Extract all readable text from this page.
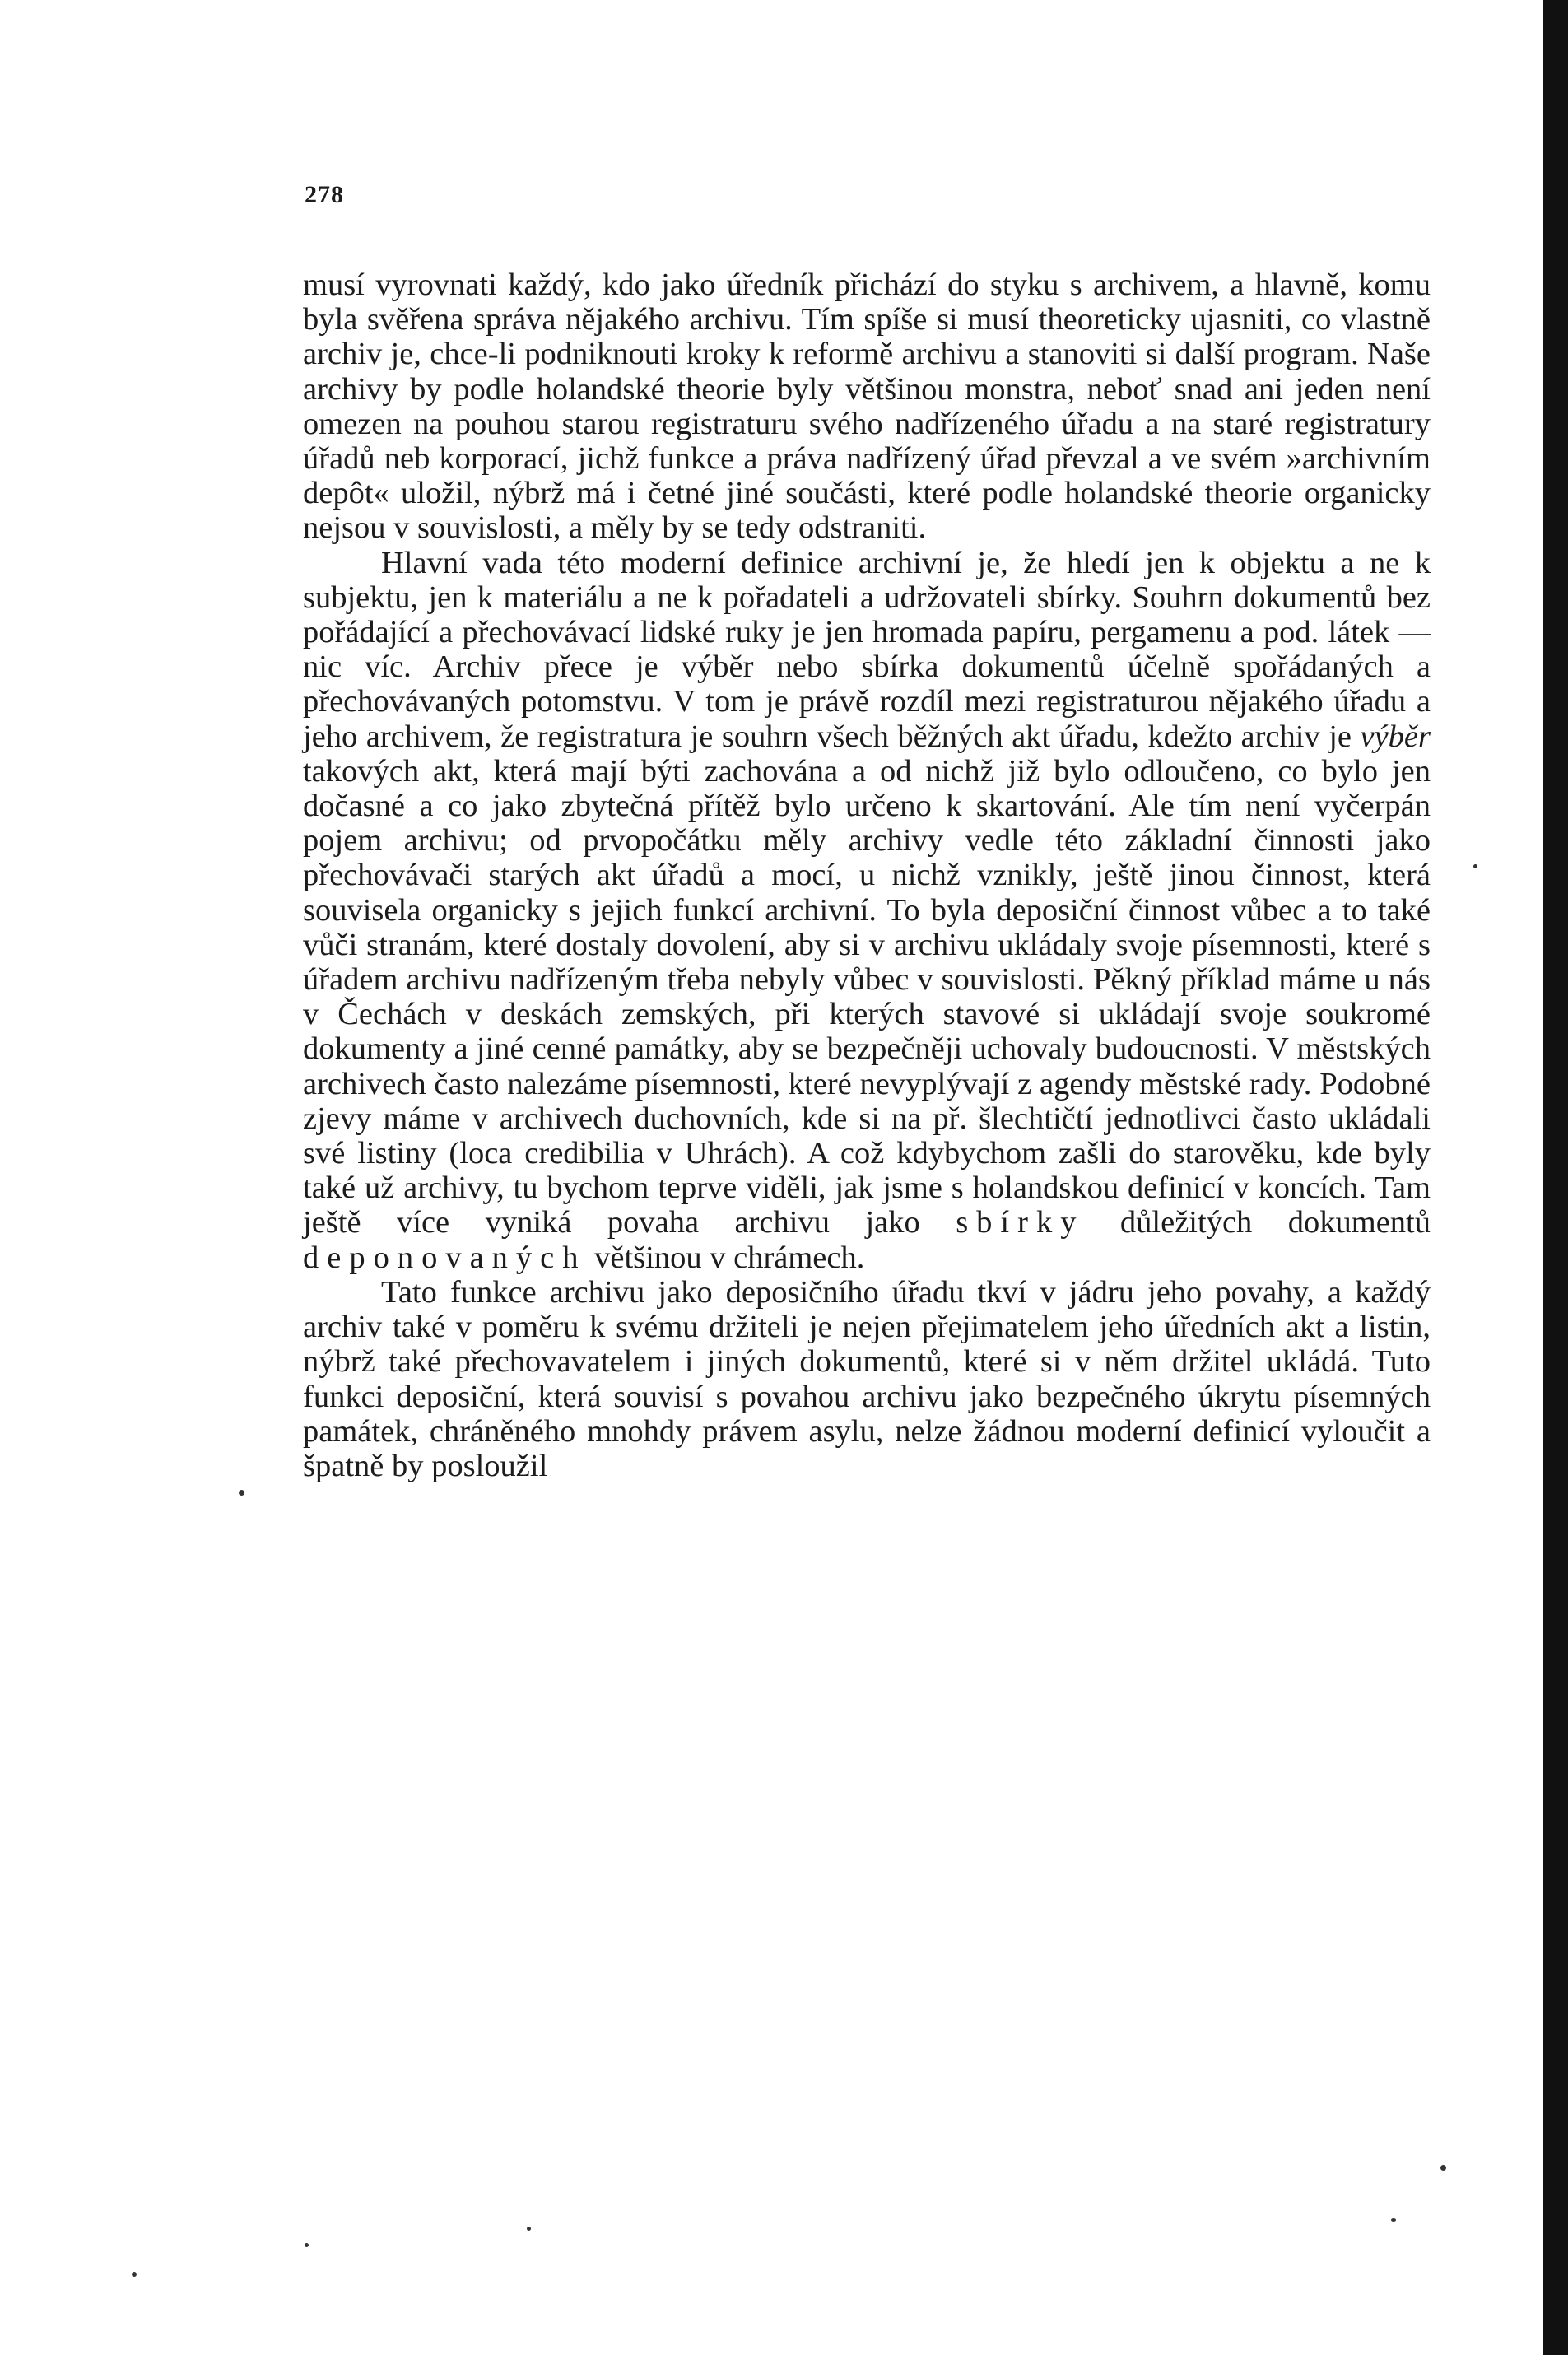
278

musí vyrovnati každý, kdo jako úředník přichází do styku s archivem, a hlavně, komu byla svěřena správa nějakého archivu. Tím spíše si musí theoreticky ujasniti, co vlastně archiv je, chce-li podniknouti kroky k reformě archivu a stanoviti si další program. Naše archivy by podle holandské theorie byly většinou monstra, neboť snad ani jeden není omezen na pouhou starou registraturu svého nadřízeného úřadu a na staré registratury úřadů neb korporací, jichž funkce a práva nadřízený úřad převzal a ve svém »archivním depôt« uložil, nýbrž má i četné jiné součásti, které podle holandské theorie organicky nejsou v souvislosti, a měly by se tedy odstraniti.

Hlavní vada této moderní definice archivní je, že hledí jen k objektu a ne k subjektu, jen k materiálu a ne k pořadateli a udržovateli sbírky. Souhrn dokumentů bez pořádající a přechovávací lidské ruky je jen hromada papíru, pergamenu a pod. látek — nic víc. Archiv přece je výběr nebo sbírka dokumentů účelně spořádaných a přechovávaných potomstvu. V tom je právě rozdíl mezi registraturou nějakého úřadu a jeho archivem, že registratura je souhrn všech běžných akt úřadu, kdežto archiv je výběr takových akt, která mají býti zachována a od nichž již bylo odloučeno, co bylo jen dočasné a co jako zbytečná přítěž bylo určeno k skartování. Ale tím není vyčerpán pojem archivu; od prvopočátku měly archivy vedle této základní činnosti jako přechovávači starých akt úřadů a mocí, u nichž vznikly, ještě jinou činnost, která souvisela organicky s jejich funkcí archivní. To byla deposiční činnost vůbec a to také vůči stranám, které dostaly dovolení, aby si v archivu ukládaly svoje písemnosti, které s úřadem archivu nadřízeným třeba nebyly vůbec v souvislosti. Pěkný příklad máme u nás v Čechách v deskách zemských, při kterých stavové si ukládají svoje soukromé dokumenty a jiné cenné památky, aby se bezpečněji uchovaly budoucnosti. V městských archivech často nalezáme písemnosti, které nevyplývají z agendy městské rady. Podobné zjevy máme v archivech duchovních, kde si na př. šlechtičtí jednotlivci často ukládali své listiny (loca credibilia v Uhrách). A což kdybychom zašli do starověku, kde byly také už archivy, tu bychom teprve viděli, jak jsme s holandskou definicí v koncích. Tam ještě více vyniká povaha archivu jako sbírky důležitých dokumentů deponovaných většinou v chrámech.

Tato funkce archivu jako deposičního úřadu tkví v jádru jeho povahy, a každý archiv také v poměru k svému držiteli je nejen přejimatelem jeho úředních akt a listin, nýbrž také přechovavatelem i jiných dokumentů, které si v něm držitel ukládá. Tuto funkci deposiční, která souvisí s povahou archivu jako bezpečného úkrytu písemných památek, chráněného mnohdy právem asylu, nelze žádnou moderní definicí vyloučit a špatně by posloužil
